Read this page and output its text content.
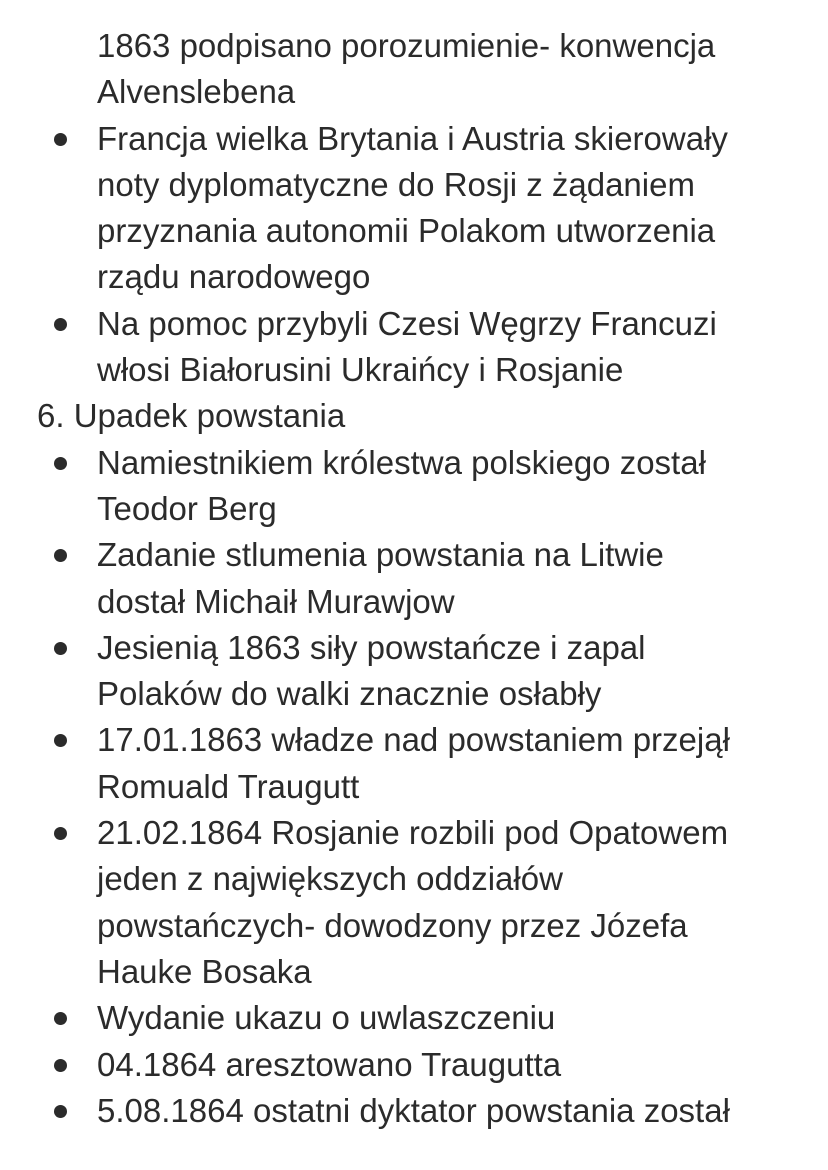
1863 podpisano porozumienie- konwencja
Alvenslebena
Francja wielka Brytania i Austria skierowały
noty dyplomatyczne do Rosji z żądaniem
przyznania autonomii Polakom utworzenia
rządu narodowego
Na pomoc przybyli Czesi Węgrzy Francuzi
włosi Białorusini Ukraińcy i Rosjanie
6. Upadek powstania
Namiestnikiem królestwa polskiego został
Teodor Berg
Zadanie stlumenia powstania na Litwie
dostał Michaił Murawjow
Jesienią 1863 siły powstańcze i zapal
Polaków do walki znacznie osłabły
17.01.1863 władze nad powstaniem przejął
Romuald Traugutt
21.02.1864 Rosjanie rozbili pod Opatowem
jeden z największych oddziałów
powstańczych- dowodzony przez Józefa
Hauke Bosaka
Wydanie ukazu o uwlaszczeniu
04.1864 aresztowano Traugutta
5.08.1864 ostatni dyktator powstania został
